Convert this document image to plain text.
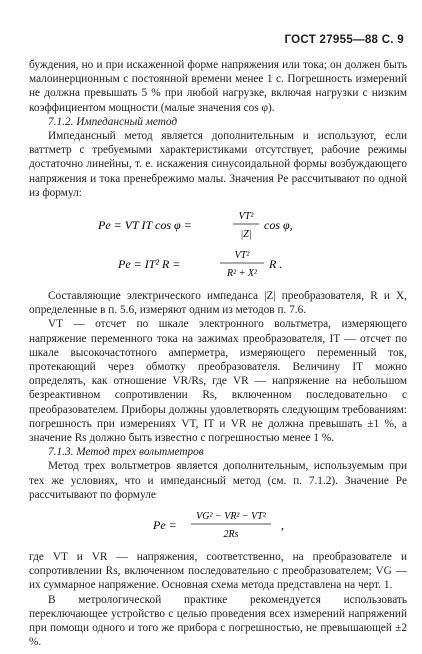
ГОСТ 27955—88 С. 9

буждения, но и при искаженной форме напряжения или тока; он должен быть малоинерционным с постоянной времени менее 1 с. Погрешность измерений не должна превышать 5 % при любой нагрузке, включая нагрузки с низким коэффициентом мощности (малые значения cos φ).

7.1.2. Импедансный метод

Импедансный метод является дополнительным и используют, если ваттметр с требуемыми характеристиками отсутствует, рабочие режимы достаточно линейны, т. е. искажения синусоидальной формы возбуждающего напряжения и тока пренебрежимо малы. Значения Pe рассчитывают по одной из формул:

Pe = VT IT cos φ =
VT²
|Z|
cos φ,
Pe = IT² R =
VT²
R² + X²
R .

Составляющие электрического импеданса |Z| преобразователя, R и X, определенные в п. 5.6, измеряют одним из методов п. 7.6.

VT — отсчет по шкале электронного вольтметра, измеряющего напряжение переменного тока на зажимах преобразователя, IT — отсчет по шкале высокочастотного амперметра, измеряющего переменный ток, протекающий через обмотку преобразователя. Величину IT можно определять, как отношение VR/Rs, где VR — напряжение на небольшом безреактивном сопротивлении Rs, включенном последовательно с преобразователем. Приборы должны удовлетворять следующим требованиям: погрешность при измерениях VT, IT и VR не должна превышать ±1 %, а значение Rs должно быть известно с погрешностью менее 1 %.

7.1.3. Метод трех вольтметров

Метод трех вольтметров является дополнительным, используемым при тех же условиях, что и импедансный метод (см. п. 7.1.2). Значение Pe рассчитывают по формуле

Pe =
VG² − VR² − VT²
2Rs
,

где VT и VR — напряжения, соответственно, на преобразователе и сопротивлении Rs, включенном последовательно с преобразователем; VG — их суммарное напряжение. Основная схема метода представлена на черт. 1.

В метрологической практике рекомендуется использовать переключающее устройство с целью проведения всех измерений напряжений при помощи одного и того же прибора с погрешностью, не превышающей ±2 %.
